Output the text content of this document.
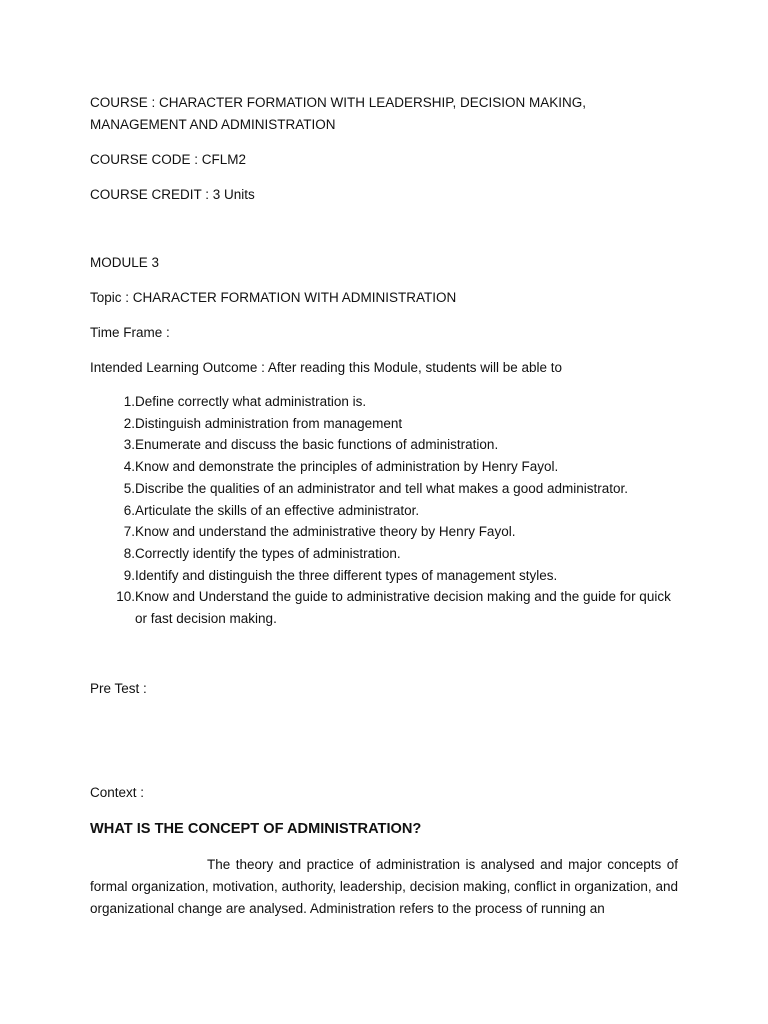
COURSE : CHARACTER FORMATION WITH LEADERSHIP, DECISION MAKING, MANAGEMENT AND ADMINISTRATION

COURSE CODE : CFLM2

COURSE CREDIT : 3 Units

MODULE 3

Topic : CHARACTER FORMATION WITH ADMINISTRATION

Time Frame :

Intended Learning Outcome : After reading this Module, students will be able to

1. Define correctly what administration is.
2. Distinguish administration from management
3. Enumerate and discuss the basic functions of administration.
4. Know and demonstrate the principles of administration by Henry Fayol.
5. Discribe the qualities of an administrator and tell what makes a good administrator.
6. Articulate the skills of an effective administrator.
7. Know and understand the administrative theory by Henry Fayol.
8. Correctly identify the types of administration.
9. Identify and distinguish the three different types of management styles.
10. Know and Understand the guide to administrative decision making and the guide for quick or fast decision making.

Pre Test :

Context :

WHAT IS THE CONCEPT OF ADMINISTRATION?

The theory and practice of administration is analysed and major concepts of formal organization, motivation, authority, leadership, decision making, conflict in organization, and organizational change are analysed. Administration refers to the process of running an
